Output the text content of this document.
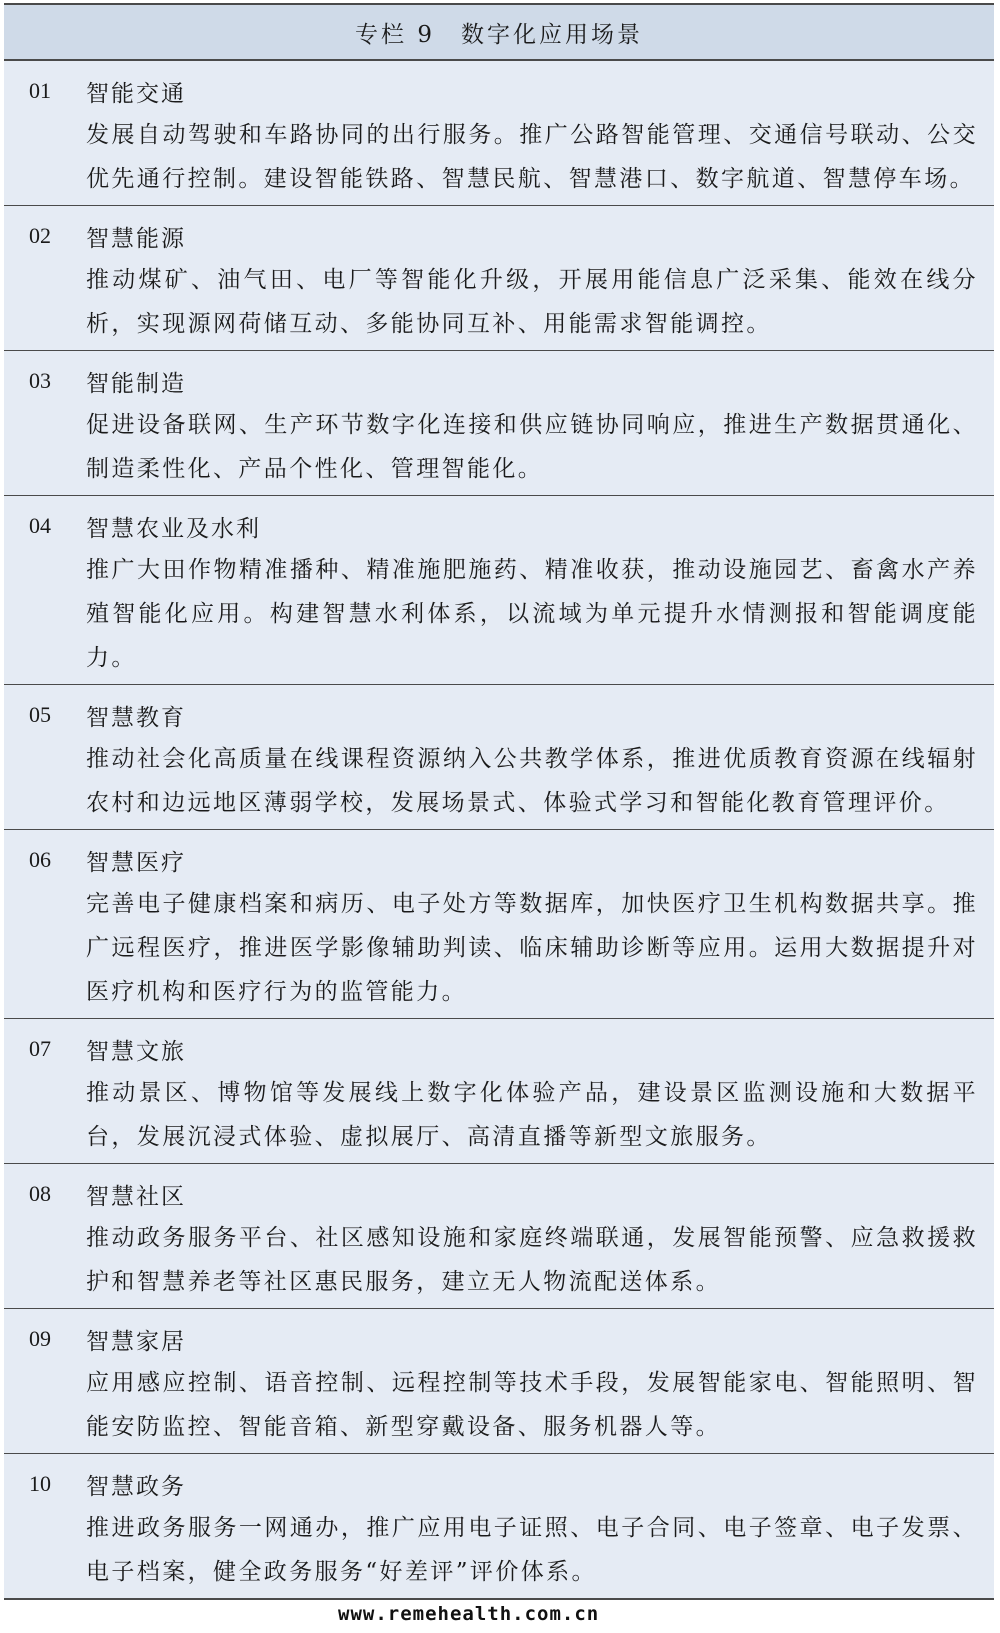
专栏 9 数字化应用场景
01	智能交通
发展自动驾驶和车路协同的出行服务。推广公路智能管理、交通信号联动、公交优先通行控制。建设智能铁路、智慧民航、智慧港口、数字航道、智慧停车场。
02	智慧能源
推动煤矿、油气田、电厂等智能化升级，开展用能信息广泛采集、能效在线分析，实现源网荷储互动、多能协同互补、用能需求智能调控。
03	智能制造
促进设备联网、生产环节数字化连接和供应链协同响应，推进生产数据贯通化、制造柔性化、产品个性化、管理智能化。
04	智慧农业及水利
推广大田作物精准播种、精准施肥施药、精准收获，推动设施园艺、畜禽水产养殖智能化应用。构建智慧水利体系，以流域为单元提升水情测报和智能调度能力。
05	智慧教育
推动社会化高质量在线课程资源纳入公共教学体系，推进优质教育资源在线辐射农村和边远地区薄弱学校，发展场景式、体验式学习和智能化教育管理评价。
06	智慧医疗
完善电子健康档案和病历、电子处方等数据库，加快医疗卫生机构数据共享。推广远程医疗，推进医学影像辅助判读、临床辅助诊断等应用。运用大数据提升对医疗机构和医疗行为的监管能力。
07	智慧文旅
推动景区、博物馆等发展线上数字化体验产品，建设景区监测设施和大数据平台，发展沉浸式体验、虚拟展厅、高清直播等新型文旅服务。
08	智慧社区
推动政务服务平台、社区感知设施和家庭终端联通，发展智能预警、应急救援救护和智慧养老等社区惠民服务，建立无人物流配送体系。
09	智慧家居
应用感应控制、语音控制、远程控制等技术手段，发展智能家电、智能照明、智能安防监控、智能音箱、新型穿戴设备、服务机器人等。
10	智慧政务
推进政务服务一网通办，推广应用电子证照、电子合同、电子签章、电子发票、电子档案，健全政务服务“好差评”评价体系。
www.remehealth.com.cn
